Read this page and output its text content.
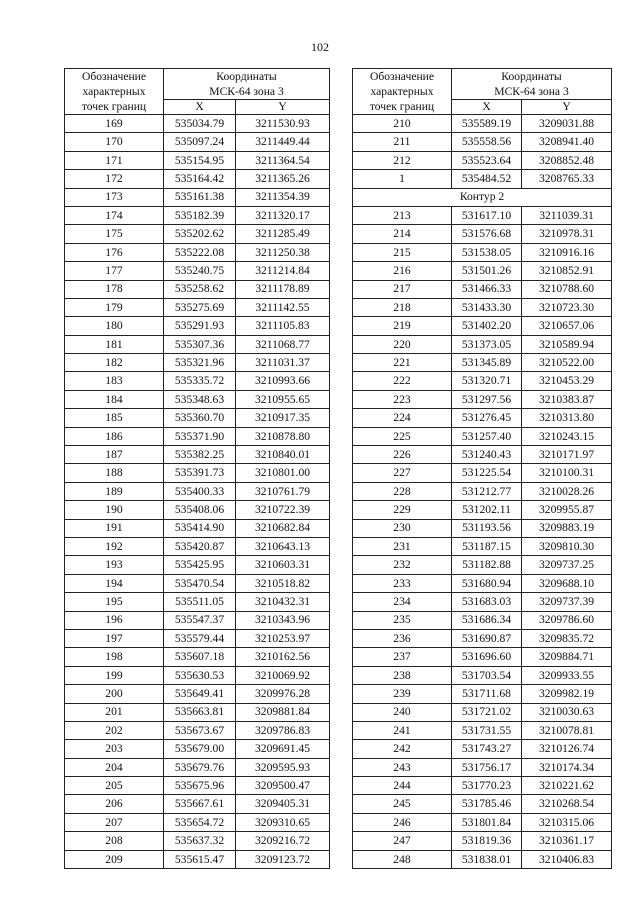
102
Обозначение
характерных
точек границ	Координаты
МСК-64 зона 3	
	X	Y
169	535034.79	3211530.93
170	535097.24	3211449.44
171	535154.95	3211364.54
172	535164.42	3211365.26
173	535161.38	3211354.39
174	535182.39	3211320.17
175	535202.62	3211285.49
176	535222.08	3211250.38
177	535240.75	3211214.84
178	535258.62	3211178.89
179	535275.69	3211142.55
180	535291.93	3211105.83
181	535307.36	3211068.77
182	535321.96	3211031.37
183	535335.72	3210993.66
184	535348.63	3210955.65
185	535360.70	3210917.35
186	535371.90	3210878.80
187	535382.25	3210840.01
188	535391.73	3210801.00
189	535400.33	3210761.79
190	535408.06	3210722.39
191	535414.90	3210682.84
192	535420.87	3210643.13
193	535425.95	3210603.31
194	535470.54	3210518.82
195	535511.05	3210432.31
196	535547.37	3210343.96
197	535579.44	3210253.97
198	535607.18	3210162.56
199	535630.53	3210069.92
200	535649.41	3209976.28
201	535663.81	3209881.84
202	535673.67	3209786.83
203	535679.00	3209691.45
204	535679.76	3209595.93
205	535675.96	3209500.47
206	535667.61	3209405.31
207	535654.72	3209310.65
208	535637.32	3209216.72
209	535615.47	3209123.72
Обозначение
характерных
точек границ	Координаты
МСК-64 зона 3	
	X	Y
210	535589.19	3209031.88
211	535558.56	3208941.40
212	535523.64	3208852.48
1	535484.52	3208765.33
Контур 2		
213	531617.10	3211039.31
214	531576.68	3210978.31
215	531538.05	3210916.16
216	531501.26	3210852.91
217	531466.33	3210788.60
218	531433.30	3210723.30
219	531402.20	3210657.06
220	531373.05	3210589.94
221	531345.89	3210522.00
222	531320.71	3210453.29
223	531297.56	3210383.87
224	531276.45	3210313.80
225	531257.40	3210243.15
226	531240.43	3210171.97
227	531225.54	3210100.31
228	531212.77	3210028.26
229	531202.11	3209955.87
230	531193.56	3209883.19
231	531187.15	3209810.30
232	531182.88	3209737.25
233	531680.94	3209688.10
234	531683.03	3209737.39
235	531686.34	3209786.60
236	531690.87	3209835.72
237	531696.60	3209884.71
238	531703.54	3209933.55
239	531711.68	3209982.19
240	531721.02	3210030.63
241	531731.55	3210078.81
242	531743.27	3210126.74
243	531756.17	3210174.34
244	531770.23	3210221.62
245	531785.46	3210268.54
246	531801.84	3210315.06
247	531819.36	3210361.17
248	531838.01	3210406.83
